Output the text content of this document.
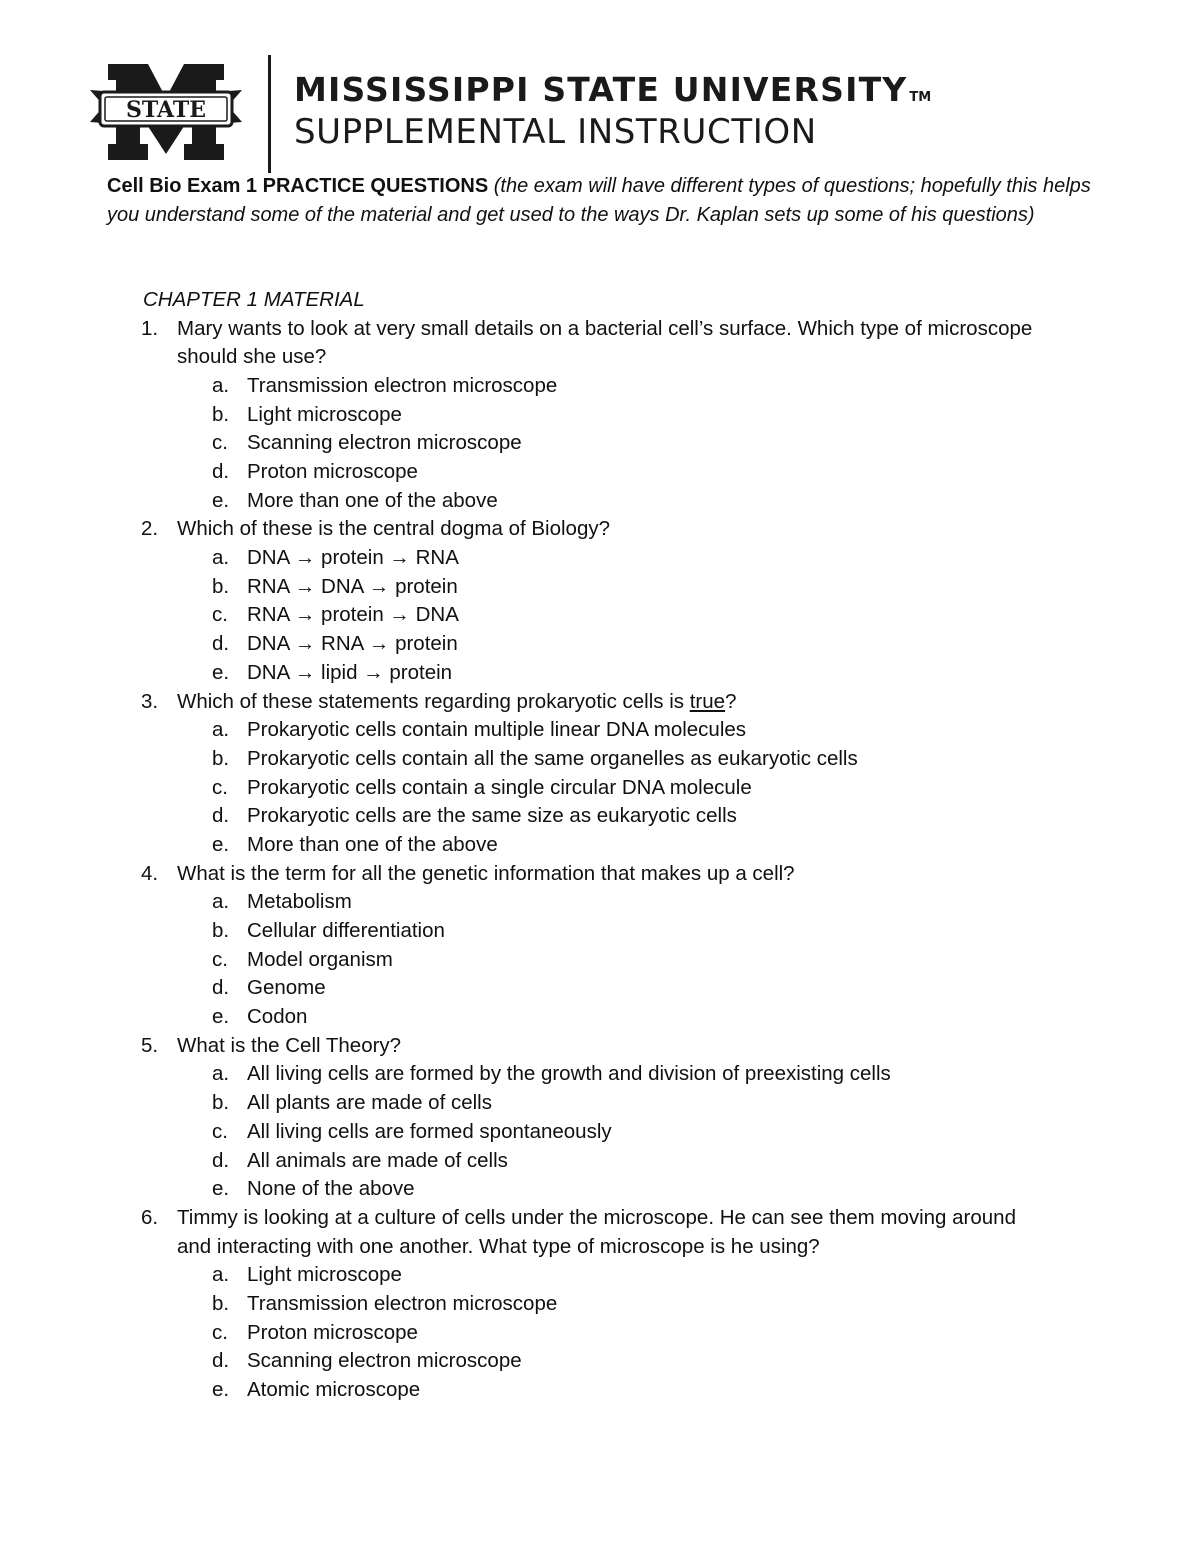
STATE
MISSISSIPPI STATE UNIVERSITY TM
SUPPLEMENTAL INSTRUCTION
Cell Bio Exam 1 PRACTICE QUESTIONS (the exam will have different types of questions; hopefully this helps you understand some of the material and get used to the ways Dr. Kaplan sets up some of his questions)
CHAPTER 1 MATERIAL
1. Mary wants to look at very small details on a bacterial cell’s surface. Which type of microscope
should she use?
a. Transmission electron microscope
b. Light microscope
c. Scanning electron microscope
d. Proton microscope
e. More than one of the above
2. Which of these is the central dogma of Biology?
a. DNA → protein → RNA
b. RNA → DNA → protein
c. RNA → protein → DNA
d. DNA → RNA → protein
e. DNA → lipid → protein
3. Which of these statements regarding prokaryotic cells is true?
a. Prokaryotic cells contain multiple linear DNA molecules
b. Prokaryotic cells contain all the same organelles as eukaryotic cells
c. Prokaryotic cells contain a single circular DNA molecule
d. Prokaryotic cells are the same size as eukaryotic cells
e. More than one of the above
4. What is the term for all the genetic information that makes up a cell?
a. Metabolism
b. Cellular differentiation
c. Model organism
d. Genome
e. Codon
5. What is the Cell Theory?
a. All living cells are formed by the growth and division of preexisting cells
b. All plants are made of cells
c. All living cells are formed spontaneously
d. All animals are made of cells
e. None of the above
6. Timmy is looking at a culture of cells under the microscope. He can see them moving around
and interacting with one another. What type of microscope is he using?
a. Light microscope
b. Transmission electron microscope
c. Proton microscope
d. Scanning electron microscope
e. Atomic microscope
